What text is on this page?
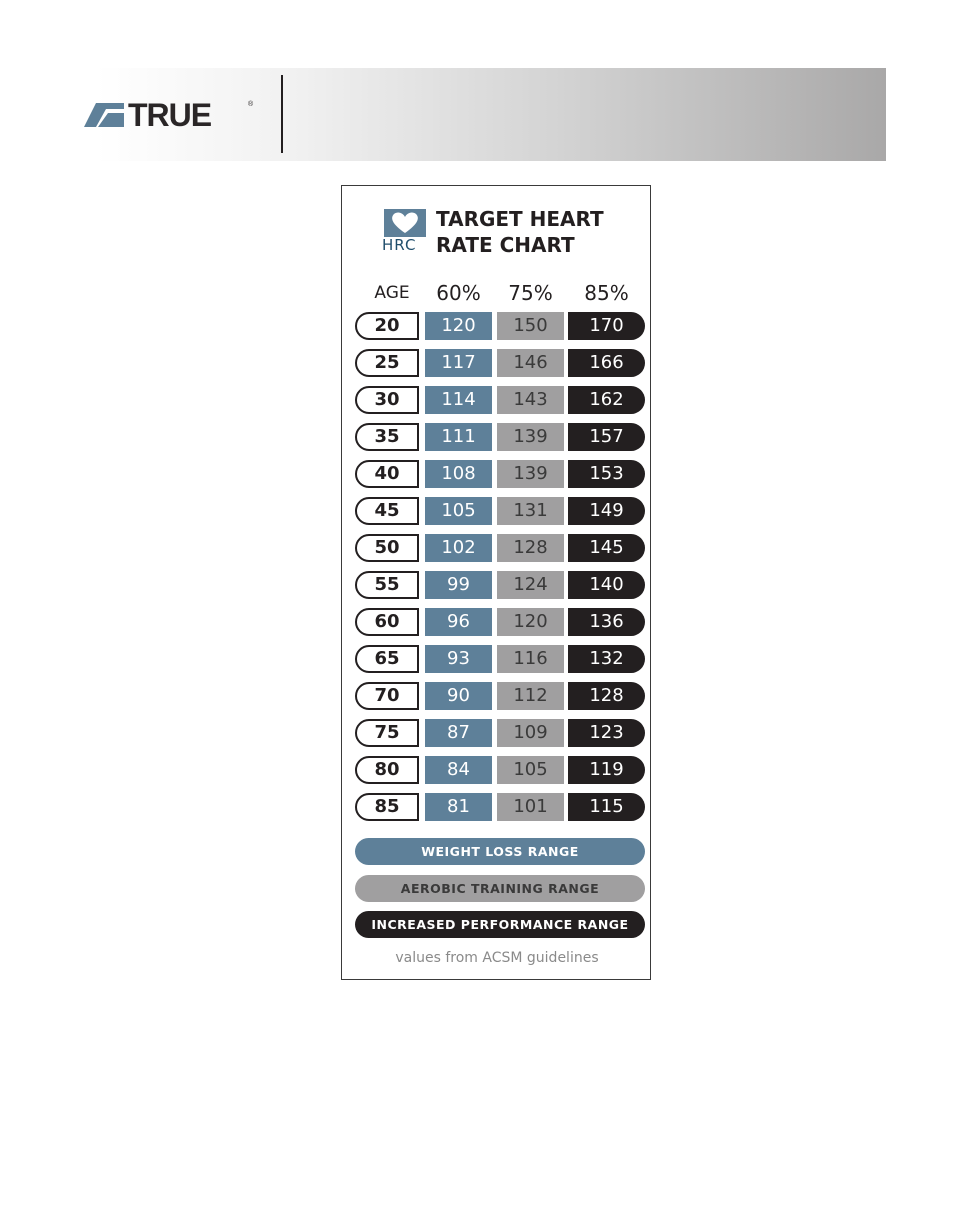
TRUE	®
HRC
TARGET HEART
RATE CHART
AGE	60%	75%	85%
20	120	150	170
25	117	146	166
30	114	143	162
35	111	139	157
40	108	139	153
45	105	131	149
50	102	128	145
55	99	124	140
60	96	120	136
65	93	116	132
70	90	112	128
75	87	109	123
80	84	105	119
85	81	101	115
WEIGHT LOSS RANGE
AEROBIC TRAINING RANGE
INCREASED PERFORMANCE RANGE
values from ACSM guidelines
